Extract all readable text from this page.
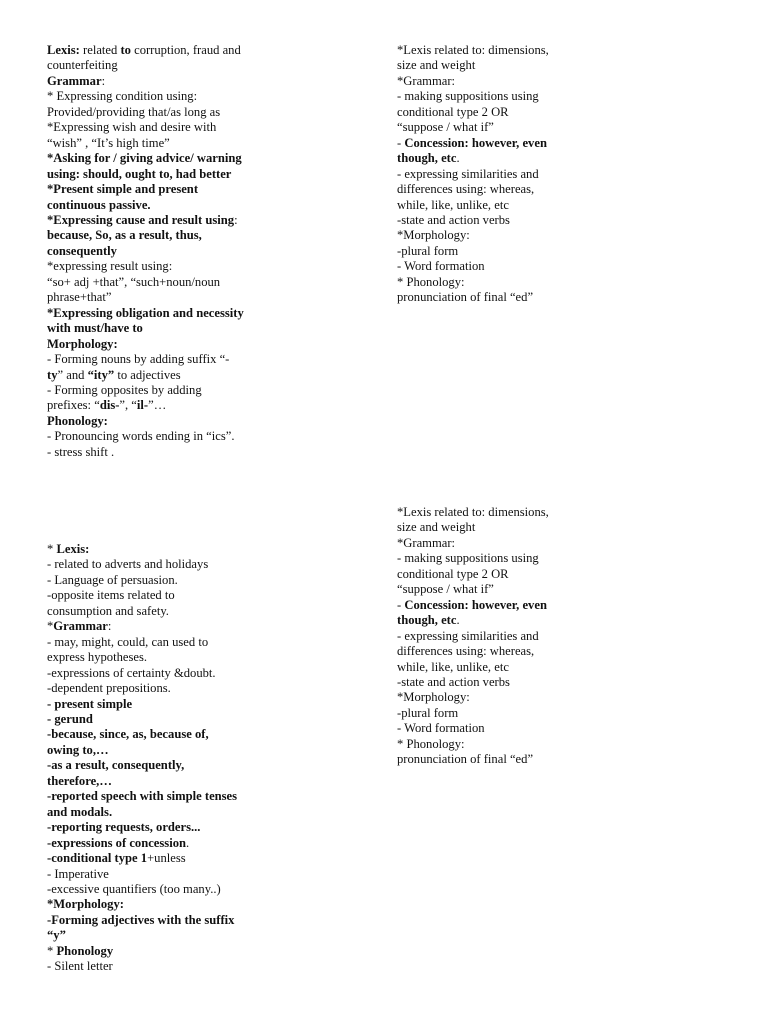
Lexis: related to corruption, fraud and
counterfeiting
Grammar:
* Expressing condition using:
Provided/providing that/as long as
*Expressing wish and desire with
“wish” , “It’s high time”
*Asking for / giving advice/ warning
using: should, ought to, had better
*Present simple and present
continuous passive.
*Expressing cause and result using:
because, So, as a result, thus,
consequently
*expressing result using:
“so+ adj +that”, “such+noun/noun
phrase+that”
*Expressing obligation and necessity
with must/have to
Morphology:
- Forming nouns by adding suffix “-
ty” and “ity” to adjectives
- Forming opposites by adding
prefixes: “dis-”, “il-”…
Phonology:
- Pronouncing words ending in “ics”.
- stress shift .
*Lexis related to: dimensions,
size and weight
*Grammar:
- making suppositions using
conditional type 2 OR
“suppose / what if”
- Concession: however, even
though, etc.
- expressing similarities and
differences using: whereas,
while, like, unlike, etc
-state and action verbs
*Morphology:
-plural form
- Word formation
* Phonology:
pronunciation of final “ed”
* Lexis:
- related to adverts and holidays
- Language of persuasion.
-opposite items related to
consumption and safety.
*Grammar:
- may, might, could, can used to
express hypotheses.
-expressions of certainty &doubt.
-dependent prepositions.
- present simple
- gerund
-because, since, as, because of,
owing to,…
-as a result, consequently,
therefore,…
-reported speech with simple tenses
and modals.
-reporting requests, orders...
-expressions of concession.
-conditional type 1+unless
- Imperative
-excessive quantifiers (too many..)
*Morphology:
-Forming adjectives with the suffix
“y”
* Phonology
- Silent letter
*Lexis related to: dimensions,
size and weight
*Grammar:
- making suppositions using
conditional type 2 OR
“suppose / what if”
- Concession: however, even
though, etc.
- expressing similarities and
differences using: whereas,
while, like, unlike, etc
-state and action verbs
*Morphology:
-plural form
- Word formation
* Phonology:
pronunciation of final “ed”
